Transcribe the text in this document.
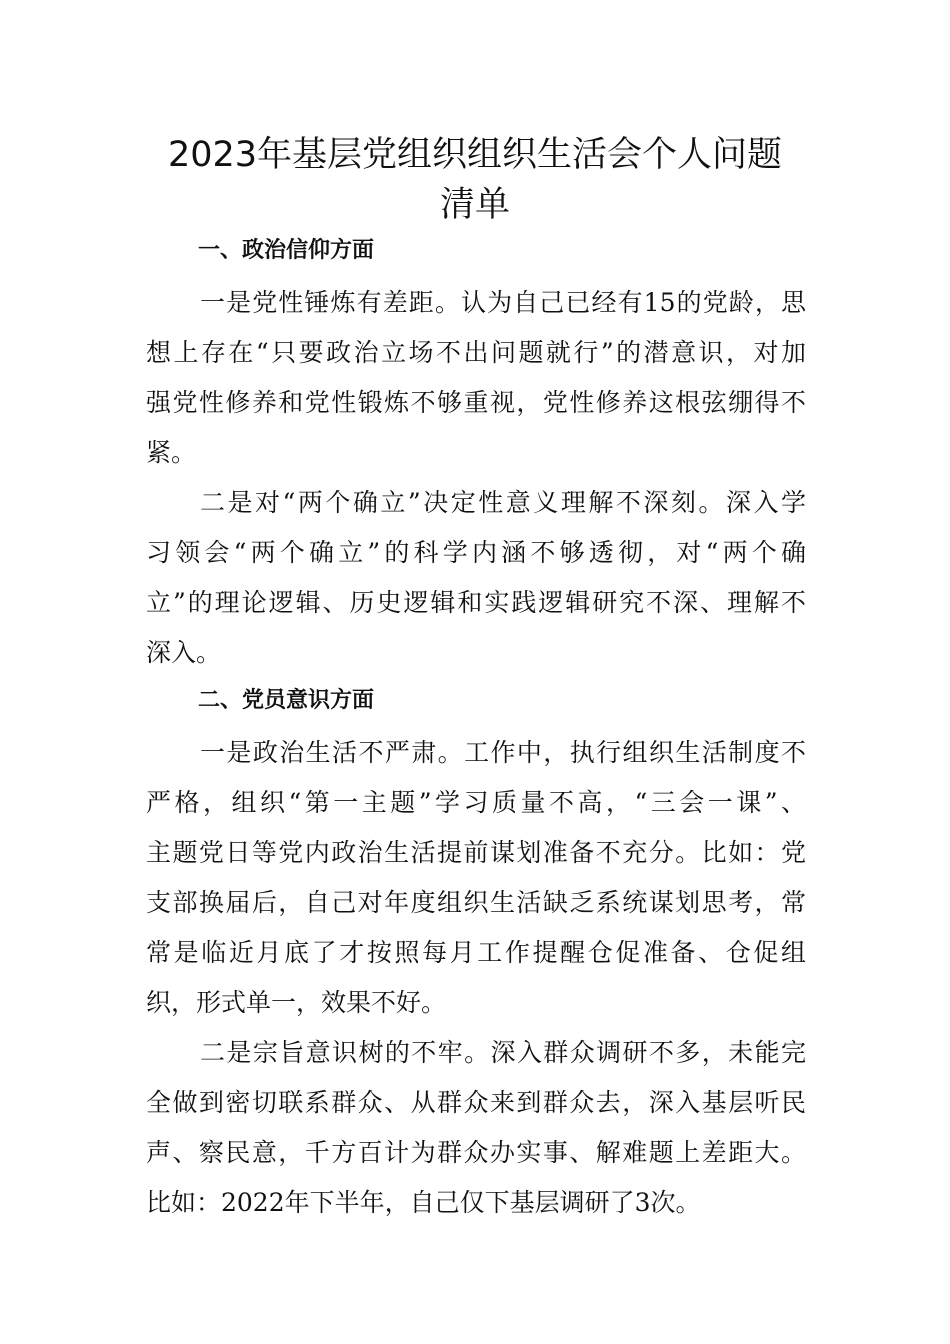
2023年基层党组织组织生活会个人问题
清单
一、政治信仰方面
一是党性锤炼有差距。认为自己已经有15的党龄，思
想上存在“只要政治立场不出问题就行”的潜意识，对加
强党性修养和党性锻炼不够重视，党性修养这根弦绷得不
紧。
二是对“两个确立”决定性意义理解不深刻。深入学
习领会“两个确立”的科学内涵不够透彻，对“两个确
立”的理论逻辑、历史逻辑和实践逻辑研究不深、理解不
深入。
二、党员意识方面
一是政治生活不严肃。工作中，执行组织生活制度不
严格，组织“第一主题”学习质量不高，“三会一课”、
主题党日等党内政治生活提前谋划准备不充分。比如：党
支部换届后，自己对年度组织生活缺乏系统谋划思考，常
常是临近月底了才按照每月工作提醒仓促准备、仓促组
织，形式单一，效果不好。
二是宗旨意识树的不牢。深入群众调研不多，未能完
全做到密切联系群众、从群众来到群众去，深入基层听民
声、察民意，千方百计为群众办实事、解难题上差距大。
比如：2022年下半年，自己仅下基层调研了3次。
